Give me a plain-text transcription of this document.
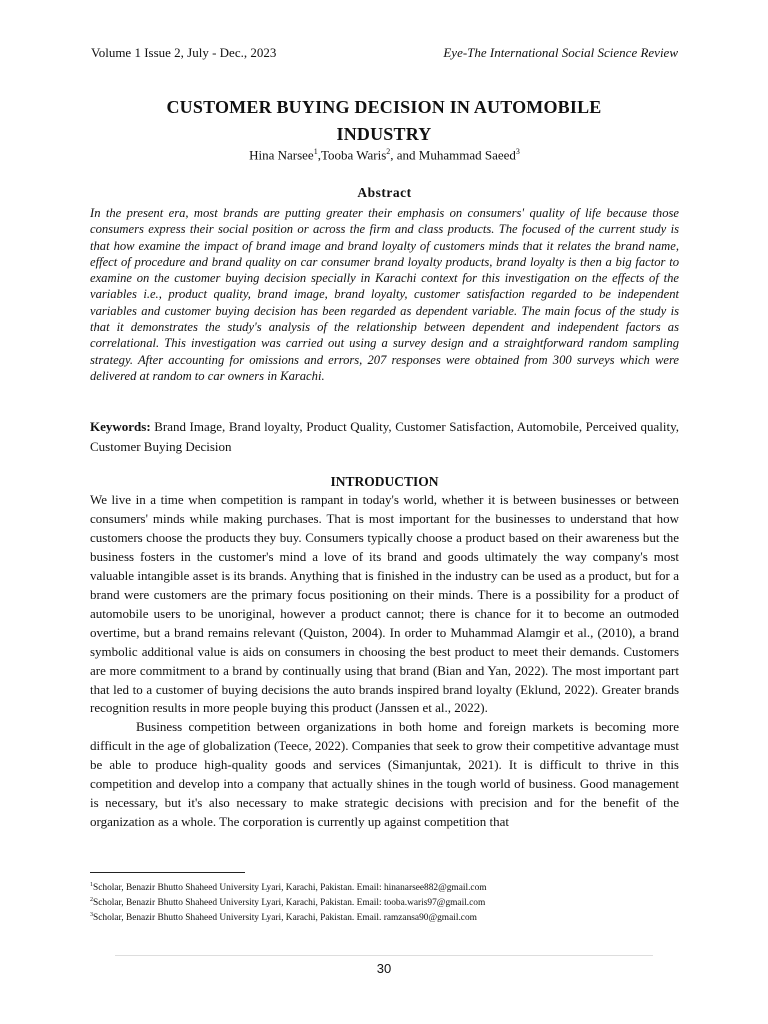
Volume 1 Issue 2, July - Dec., 2023	Eye-The International Social Science Review
CUSTOMER BUYING DECISION IN AUTOMOBILE
INDUSTRY
Hina Narsee$^1$,Tooba Waris$^2$, and Muhammad Saeed$^3$
Abstract
In the present era, most brands are putting greater their emphasis on consumers' quality of life because those consumers express their social position or across the firm and class products. The focused of the current study is that how examine the impact of brand image and brand loyalty of customers minds that it relates the brand name, effect of procedure and brand quality on car consumer brand loyalty products, brand loyalty is then a big factor to examine on the customer buying decision specially in Karachi context for this investigation on the effects of the variables i.e., product quality, brand image, brand loyalty, customer satisfaction regarded to be independent variables and customer buying decision has been regarded as dependent variable. The main focus of the study is that it demonstrates the study's analysis of the relationship between dependent and independent factors as correlational. This investigation was carried out using a survey design and a straightforward random sampling strategy. After accounting for omissions and errors, 207 responses were obtained from 300 surveys which were delivered at random to car owners in Karachi.
Keywords: Brand Image, Brand loyalty, Product Quality, Customer Satisfaction, Automobile, Perceived quality, Customer Buying Decision
INTRODUCTION

We live in a time when competition is rampant in today's world, whether it is between businesses or between consumers' minds while making purchases. That is most important for the businesses to understand that how customers choose the products they buy. Consumers typically choose a product based on their awareness but the business fosters in the customer's mind a love of its brand and goods ultimately the way company's most valuable intangible asset is its brands. Anything that is finished in the industry can be used as a product, but for a brand were customers are the primary focus positioning on their minds. There is a possibility for a product of automobile users to be unoriginal, however a product cannot; there is chance for it to become an outmoded overtime, but a brand remains relevant (Quiston, 2004). In order to Muhammad Alamgir et al., (2010), a brand symbolic additional value is aids on consumers in choosing the best product to meet their demands. Customers are more commitment to a brand by continually using that brand (Bian and Yan, 2022). The most important part that led to a customer of buying decisions the auto brands inspired brand loyalty (Eklund, 2022). Greater brands recognition results in more people buying this product (Janssen et al., 2022).

Business competition between organizations in both home and foreign markets is becoming more difficult in the age of globalization (Teece, 2022). Companies that seek to grow their competitive advantage must be able to produce high-quality goods and services (Simanjuntak, 2021). It is difficult to thrive in this competition and develop into a company that actually shines in the tough world of business. Good management is necessary, but it's also necessary to make strategic decisions with precision and for the benefit of the organization as a whole. The corporation is currently up against competition that

$^1$Scholar, Benazir Bhutto Shaheed University Lyari, Karachi, Pakistan. Email: hinanarsee882@gmail.com
$^2$Scholar, Benazir Bhutto Shaheed University Lyari, Karachi, Pakistan. Email: tooba.waris97@gmail.com
$^3$Scholar, Benazir Bhutto Shaheed University Lyari, Karachi, Pakistan. Email. ramzansa90@gmail.com
30
